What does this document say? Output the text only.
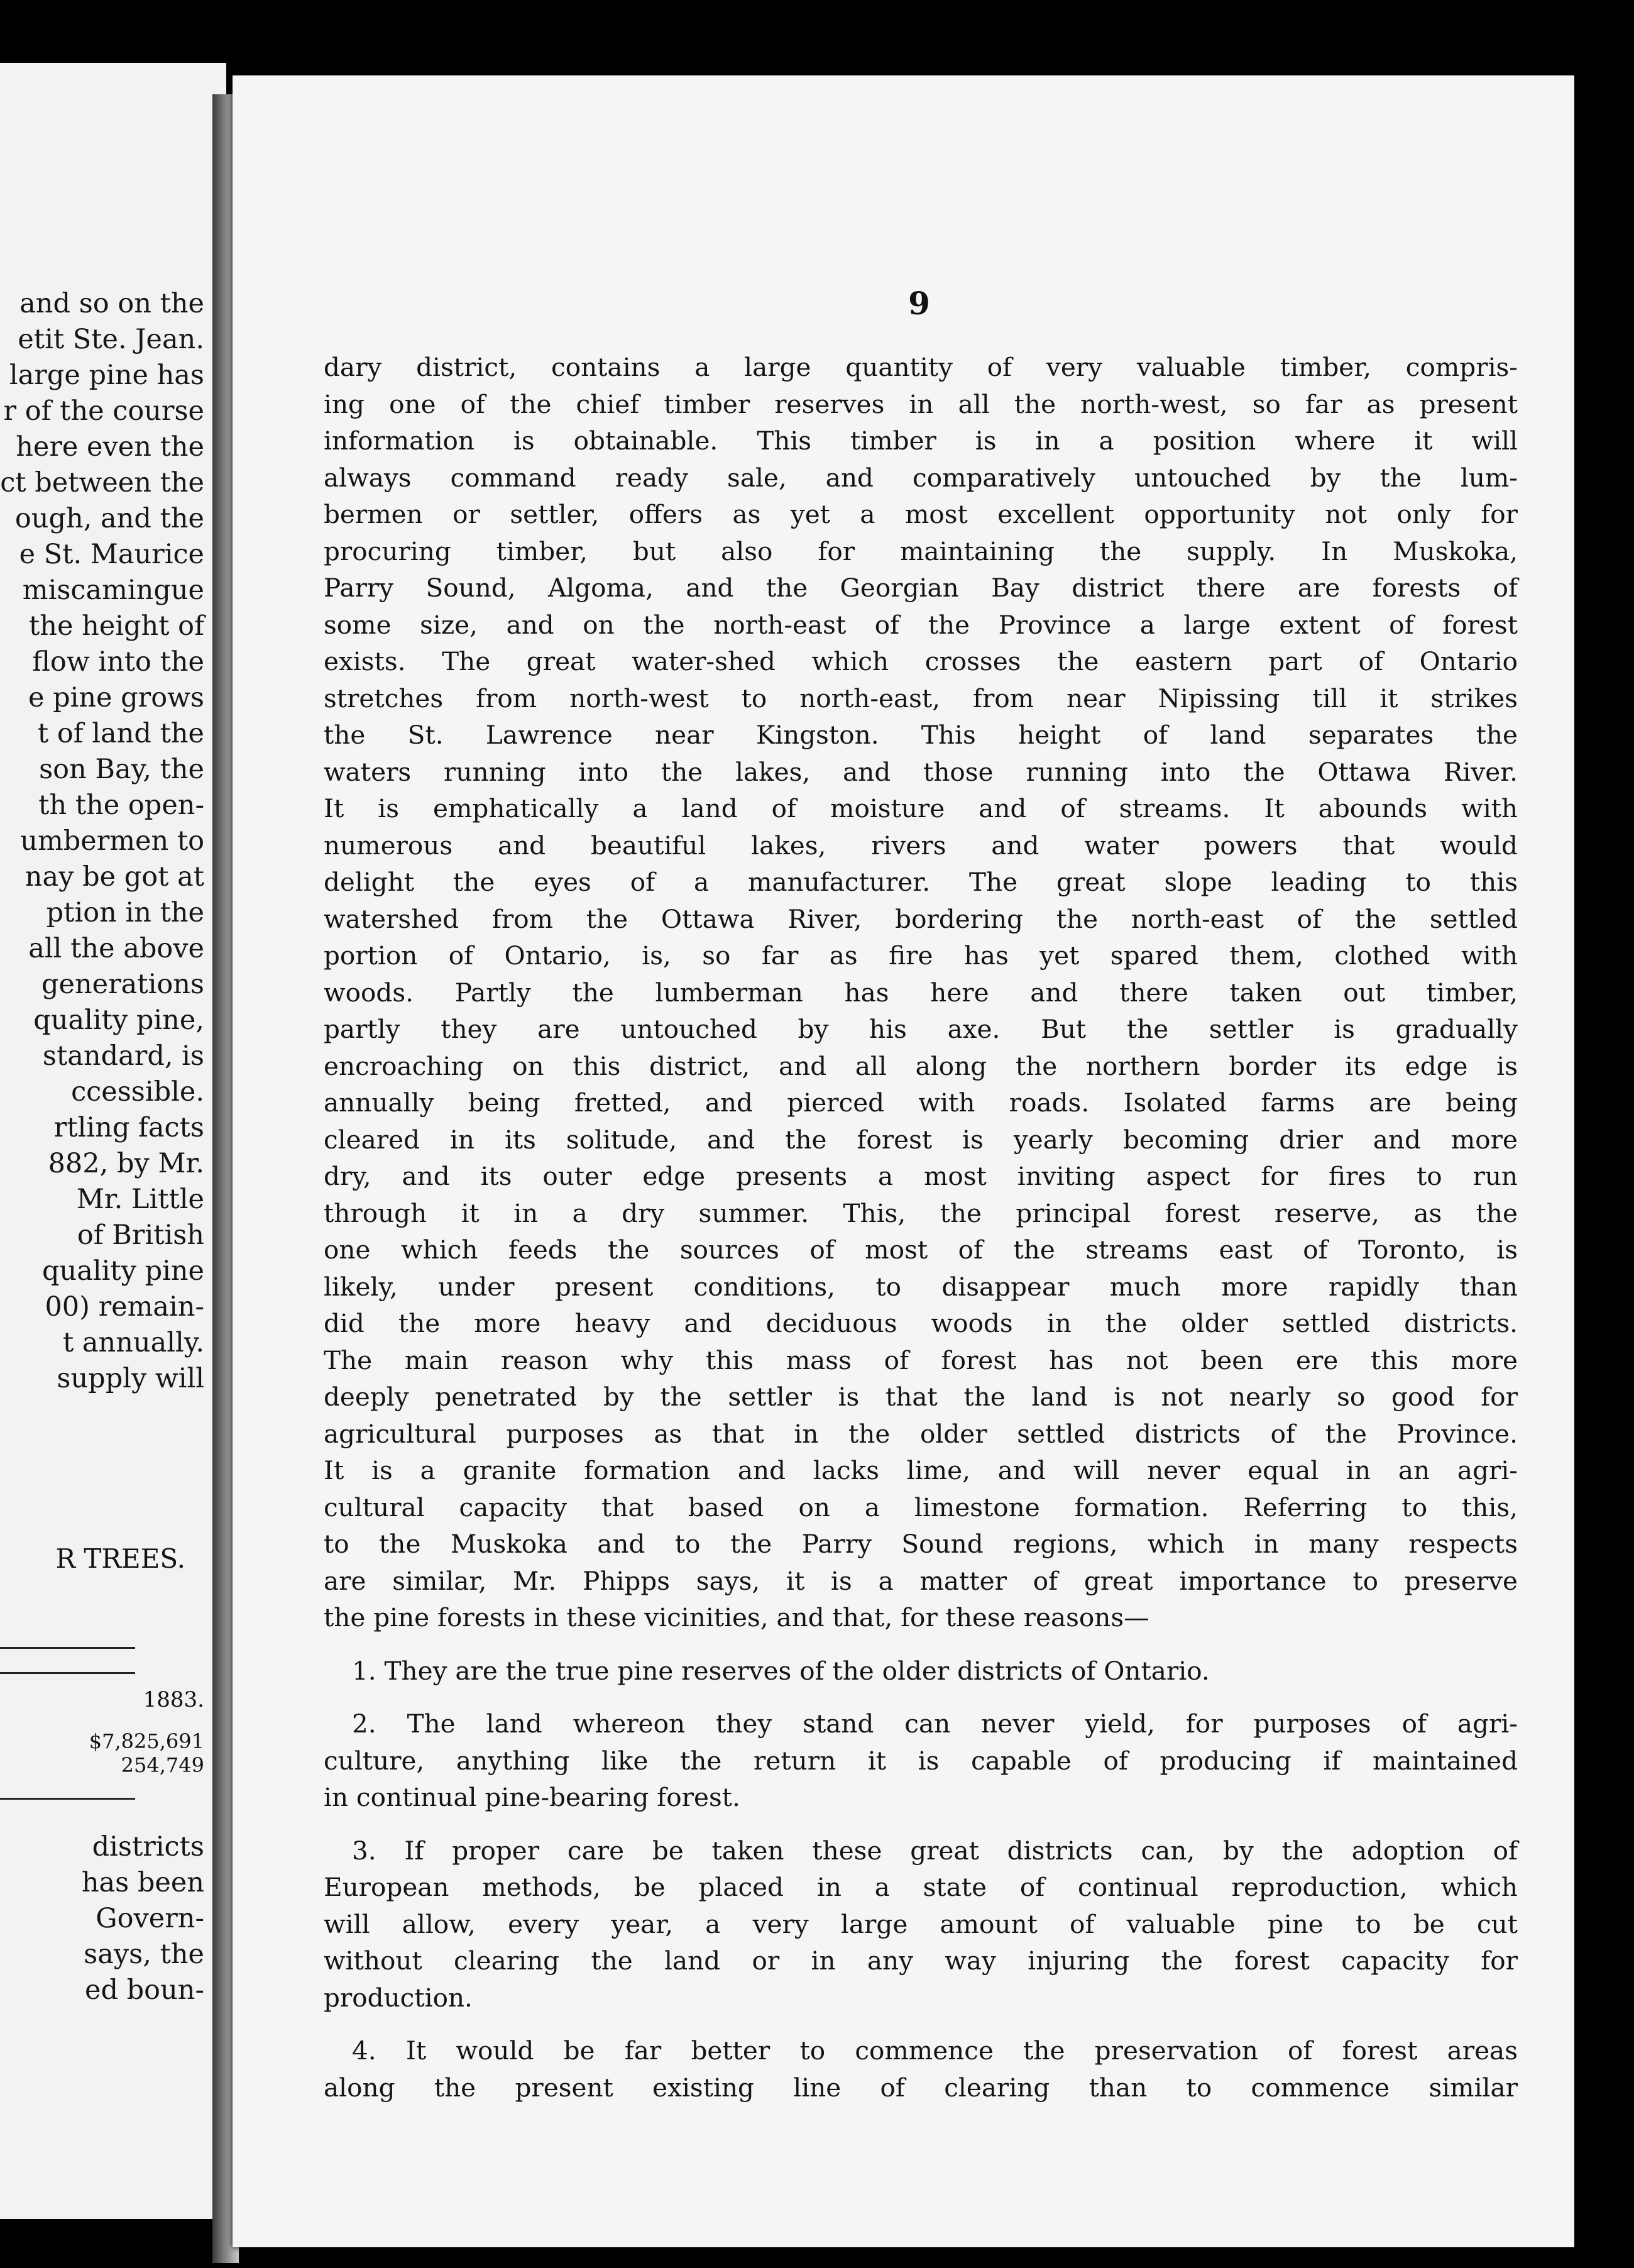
and so on the
etit Ste. Jean.
large pine has
r of the course
here even the
ct between the
ough, and the
e St. Maurice
miscamingue
the height of
flow into the
e pine grows
t of land the
son Bay, the
th the open-
umbermen to
nay be got at
ption in the
all the above
generations
quality pine,
standard, is
ccessible.
rtling facts
882, by Mr.
Mr. Little
of British
quality pine
00) remain-
t annually.
supply will
R TREES.
1883.
$7,825,691
254,749
districts
has been
Govern-
says, the
ed boun-
9
dary district, contains a large quantity of very valuable timber, compris-
ing one of the chief timber reserves in all the north-west, so far as present
information is obtainable. This timber is in a position where it will
always command ready sale, and comparatively untouched by the lum-
bermen or settler, offers as yet a most excellent opportunity not only for
procuring timber, but also for maintaining the supply. In Muskoka,
Parry Sound, Algoma, and the Georgian Bay district there are forests of
some size, and on the north-east of the Province a large extent of forest
exists. The great water-shed which crosses the eastern part of Ontario
stretches from north-west to north-east, from near Nipissing till it strikes
the St. Lawrence near Kingston. This height of land separates the
waters running into the lakes, and those running into the Ottawa River.
It is emphatically a land of moisture and of streams. It abounds with
numerous and beautiful lakes, rivers and water powers that would
delight the eyes of a manufacturer. The great slope leading to this
watershed from the Ottawa River, bordering the north-east of the settled
portion of Ontario, is, so far as fire has yet spared them, clothed with
woods. Partly the lumberman has here and there taken out timber,
partly they are untouched by his axe. But the settler is gradually
encroaching on this district, and all along the northern border its edge is
annually being fretted, and pierced with roads. Isolated farms are being
cleared in its solitude, and the forest is yearly becoming drier and more
dry, and its outer edge presents a most inviting aspect for fires to run
through it in a dry summer. This, the principal forest reserve, as the
one which feeds the sources of most of the streams east of Toronto, is
likely, under present conditions, to disappear much more rapidly than
did the more heavy and deciduous woods in the older settled districts.
The main reason why this mass of forest has not been ere this more
deeply penetrated by the settler is that the land is not nearly so good for
agricultural purposes as that in the older settled districts of the Province.
It is a granite formation and lacks lime, and will never equal in an agri-
cultural capacity that based on a limestone formation. Referring to this,
to the Muskoka and to the Parry Sound regions, which in many respects
are similar, Mr. Phipps says, it is a matter of great importance to preserve
the pine forests in these vicinities, and that, for these reasons—
1. They are the true pine reserves of the older districts of Ontario.
2. The land whereon they stand can never yield, for purposes of agri-
culture, anything like the return it is capable of producing if maintained
in continual pine-bearing forest.
3. If proper care be taken these great districts can, by the adoption of
European methods, be placed in a state of continual reproduction, which
will allow, every year, a very large amount of valuable pine to be cut
without clearing the land or in any way injuring the forest capacity for
production.
4. It would be far better to commence the preservation of forest areas
along the present existing line of clearing than to commence similar
